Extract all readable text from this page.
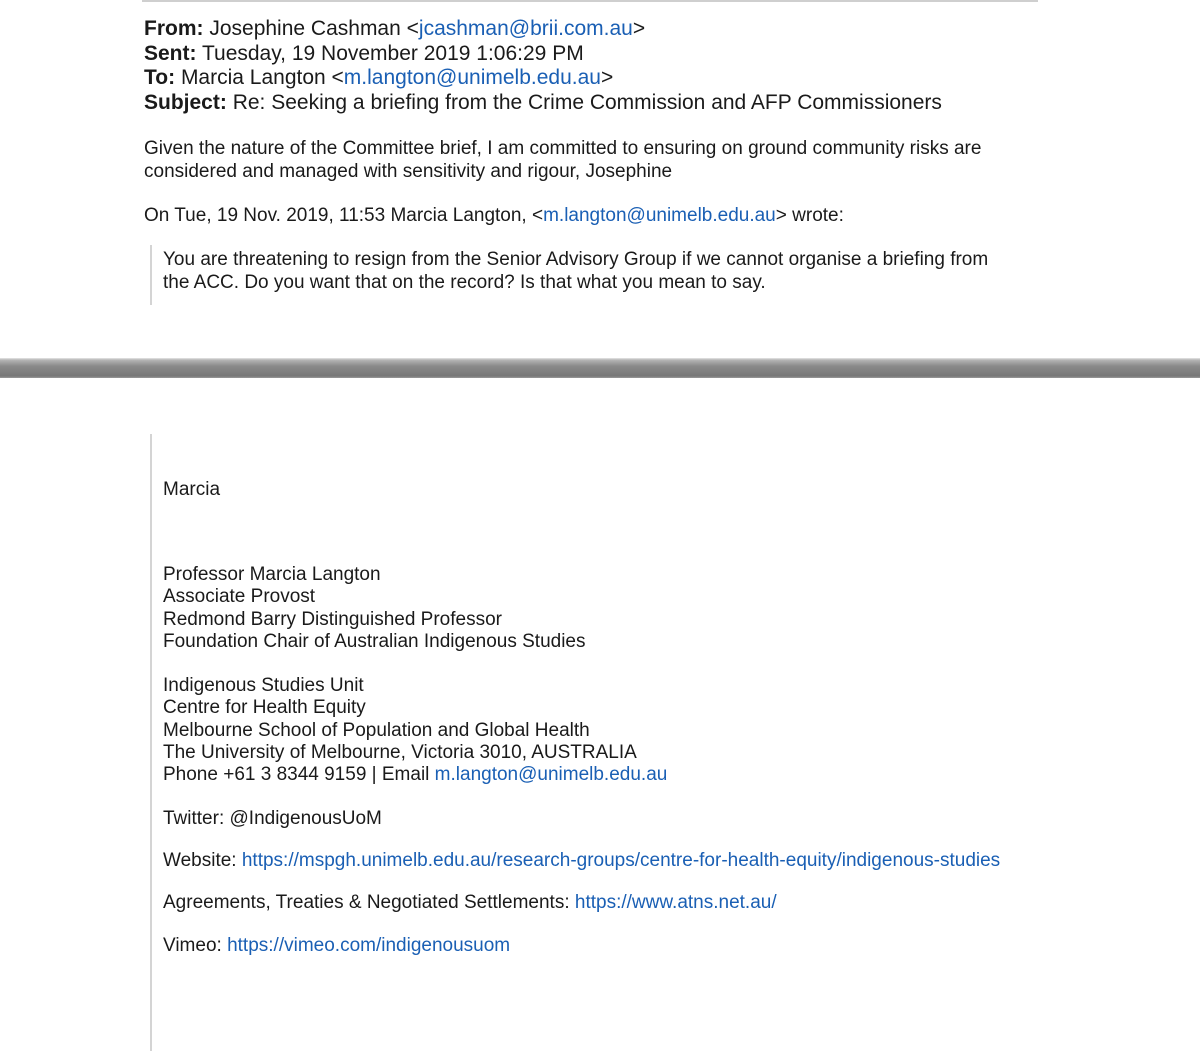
From: Josephine Cashman <jcashman@brii.com.au>
Sent: Tuesday, 19 November 2019 1:06:29 PM
To: Marcia Langton <m.langton@unimelb.edu.au>
Subject: Re: Seeking a briefing from the Crime Commission and AFP Commissioners
Given the nature of the Committee brief, I am committed to ensuring on ground community risks are
considered and managed with sensitivity and rigour, Josephine
On Tue, 19 Nov. 2019, 11:53 Marcia Langton, <m.langton@unimelb.edu.au> wrote:
You are threatening to resign from the Senior Advisory Group if we cannot organise a briefing from
the ACC. Do you want that on the record? Is that what you mean to say.
Marcia
Professor Marcia Langton
Associate Provost
Redmond Barry Distinguished Professor
Foundation Chair of Australian Indigenous Studies
Indigenous Studies Unit
Centre for Health Equity
Melbourne School of Population and Global Health
The University of Melbourne, Victoria 3010, AUSTRALIA
Phone +61 3 8344 9159 | Email m.langton@unimelb.edu.au
Twitter: @IndigenousUoM
Website: https://mspgh.unimelb.edu.au/research-groups/centre-for-health-equity/indigenous-studies
Agreements, Treaties & Negotiated Settlements: https://www.atns.net.au/
Vimeo: https://vimeo.com/indigenousuom
